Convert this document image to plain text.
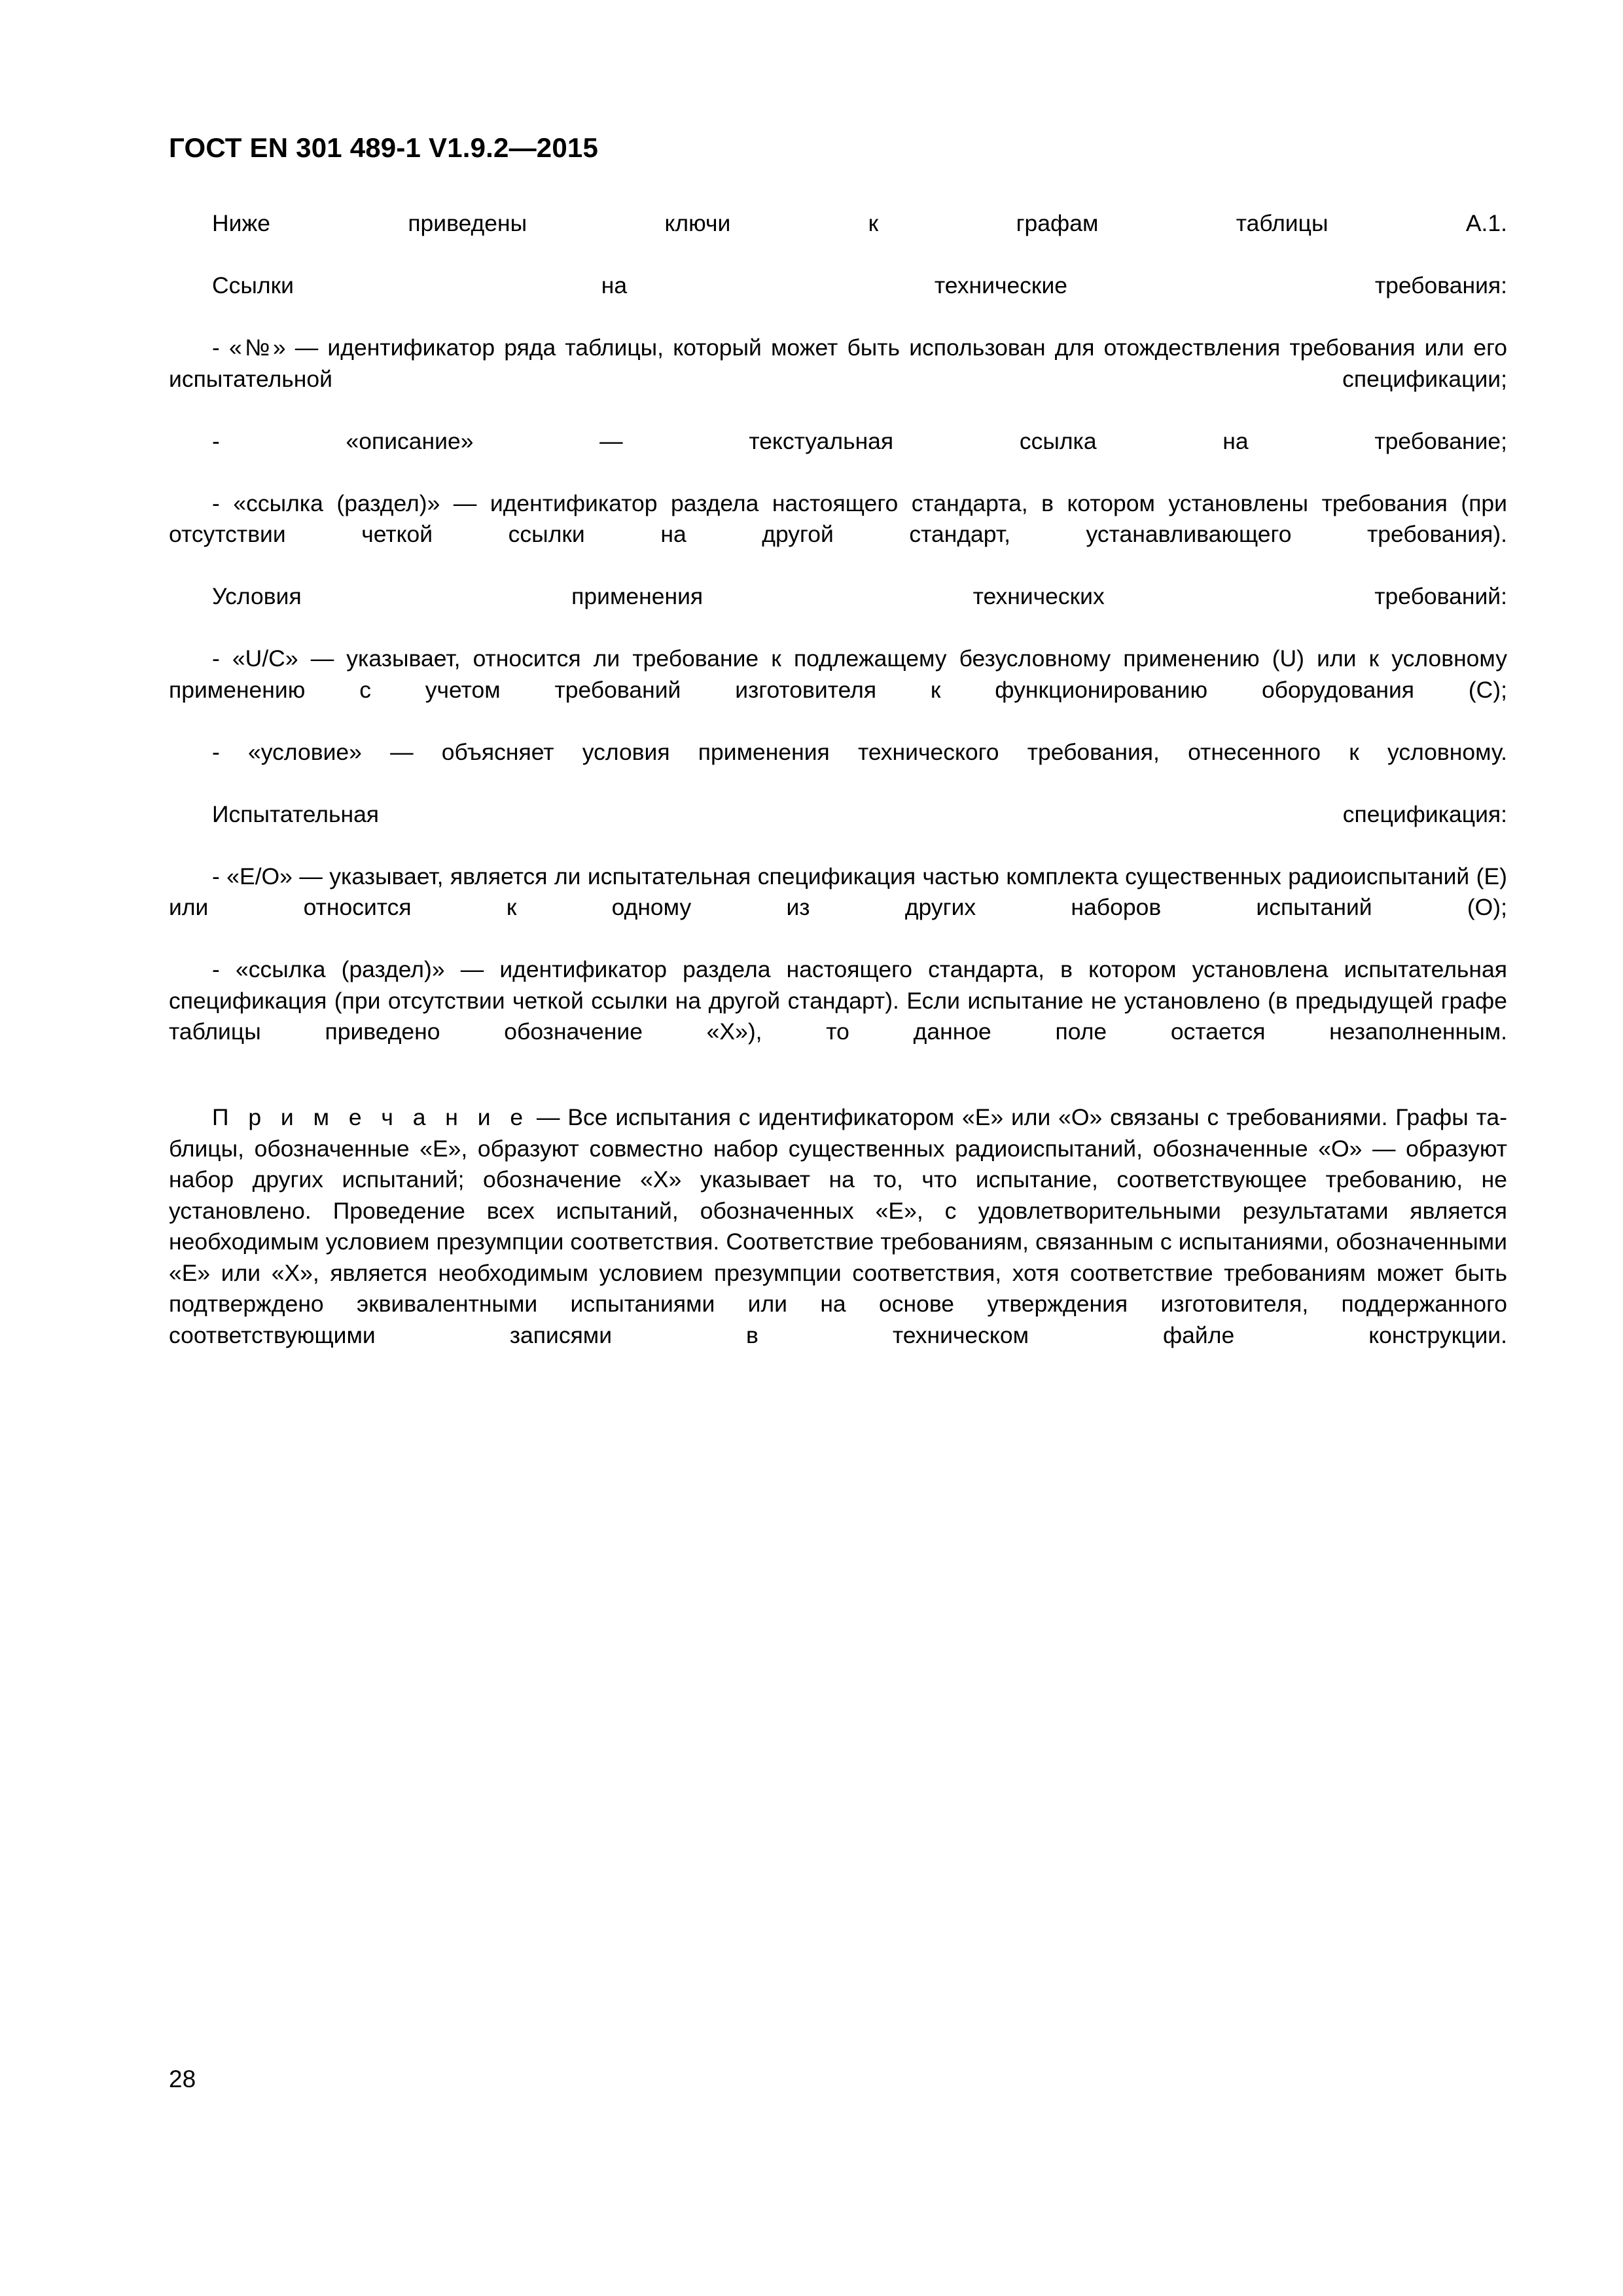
ГОСТ EN 301 489-1 V1.9.2—2015

Ниже приведены ключи к графам таблицы А.1.

Ссылки на технические требования:

- «№» — идентификатор ряда таблицы, который может быть использован для отождествления требования или его испытательной спецификации;

- «описание» — текстуальная ссылка на требование;

- «ссылка (раздел)» — идентификатор раздела настоящего стандарта, в котором установлены требования (при отсутствии четкой ссылки на другой стандарт, устанавливающего требования).

Условия применения технических требований:

- «U/C» — указывает, относится ли требование к подлежащему безусловному применению (U) или к условному применению с учетом требований изготовителя к функционированию оборудования (C);

- «условие» — объясняет условия применения технического требования, отнесенного к условному.

Испытательная спецификация:

- «E/O» — указывает, является ли испытательная спецификация частью комплекта существенных радиоиспытаний (E) или относится к одному из других наборов испытаний (O);

- «ссылка (раздел)» — идентификатор раздела настоящего стандарта, в котором установлена испытательная спецификация (при отсутствии четкой ссылки на другой стандарт). Если испытание не установлено (в предыдущей графе таблицы приведено обозначение «X»), то данное поле остается незаполненным.

П р и м е ч а н и е — Все испытания с идентификатором «E» или «O» связаны с требованиями. Графы таблицы, обозначенные «E», образуют совместно набор существенных радиоиспытаний, обозначенные «O» — образуют набор других испытаний; обозначение «X» указывает на то, что испытание, соответствующее требованию, не установлено. Проведение всех испытаний, обозначенных «E», с удовлетворительными результатами является необходимым условием презумпции соответствия. Соответствие требованиям, связанным с испытаниями, обозначенными «E» или «X», является необходимым условием презумпции соответствия, хотя соответствие требованиям может быть подтверждено эквивалентными испытаниями или на основе утверждения изготовителя, поддержанного соответствующими записями в техническом файле конструкции.

28
